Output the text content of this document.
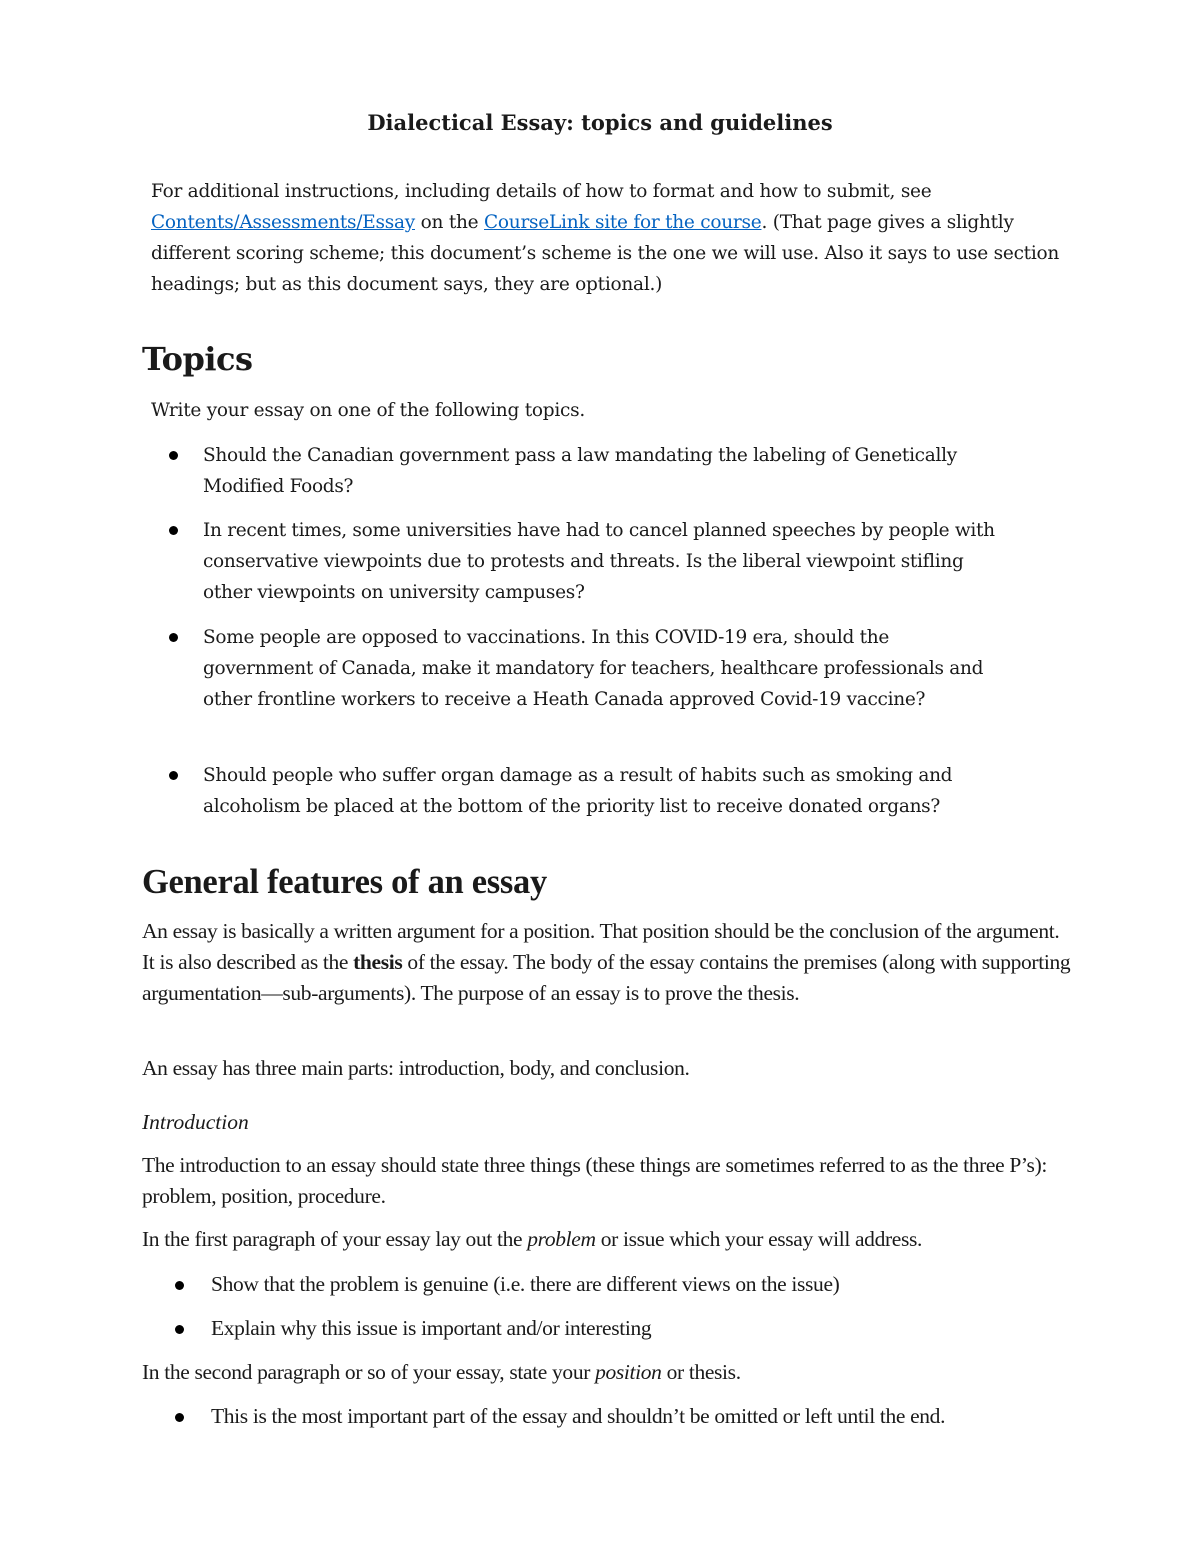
Dialectical Essay: topics and guidelines

For additional instructions, including details of how to format and how to submit, see Contents/Assessments/Essay on the CourseLink site for the course. (That page gives a slightly different scoring scheme; this document’s scheme is the one we will use. Also it says to use section headings; but as this document says, they are optional.)

Topics

Write your essay on one of the following topics.

Should the Canadian government pass a law mandating the labeling of Genetically Modified Foods?
In recent times, some universities have had to cancel planned speeches by people with conservative viewpoints due to protests and threats. Is the liberal viewpoint stifling other viewpoints on university campuses?
Some people are opposed to vaccinations. In this COVID-19 era, should the government of Canada, make it mandatory for teachers, healthcare professionals and other frontline workers to receive a Heath Canada approved Covid-19 vaccine?
Should people who suffer organ damage as a result of habits such as smoking and alcoholism be placed at the bottom of the priority list to receive donated organs?
General features of an essay

An essay is basically a written argument for a position. That position should be the conclusion of the argument. It is also described as the thesis of the essay. The body of the essay contains the premises (along with supporting argumentation—sub-arguments). The purpose of an essay is to prove the thesis.

An essay has three main parts: introduction, body, and conclusion.

Introduction

The introduction to an essay should state three things (these things are sometimes referred to as the three P’s): problem, position, procedure.

In the first paragraph of your essay lay out the problem or issue which your essay will address.

Show that the problem is genuine (i.e. there are different views on the issue)

Explain why this issue is important and/or interesting

In the second paragraph or so of your essay, state your position or thesis.

This is the most important part of the essay and shouldn’t be omitted or left until the end.
